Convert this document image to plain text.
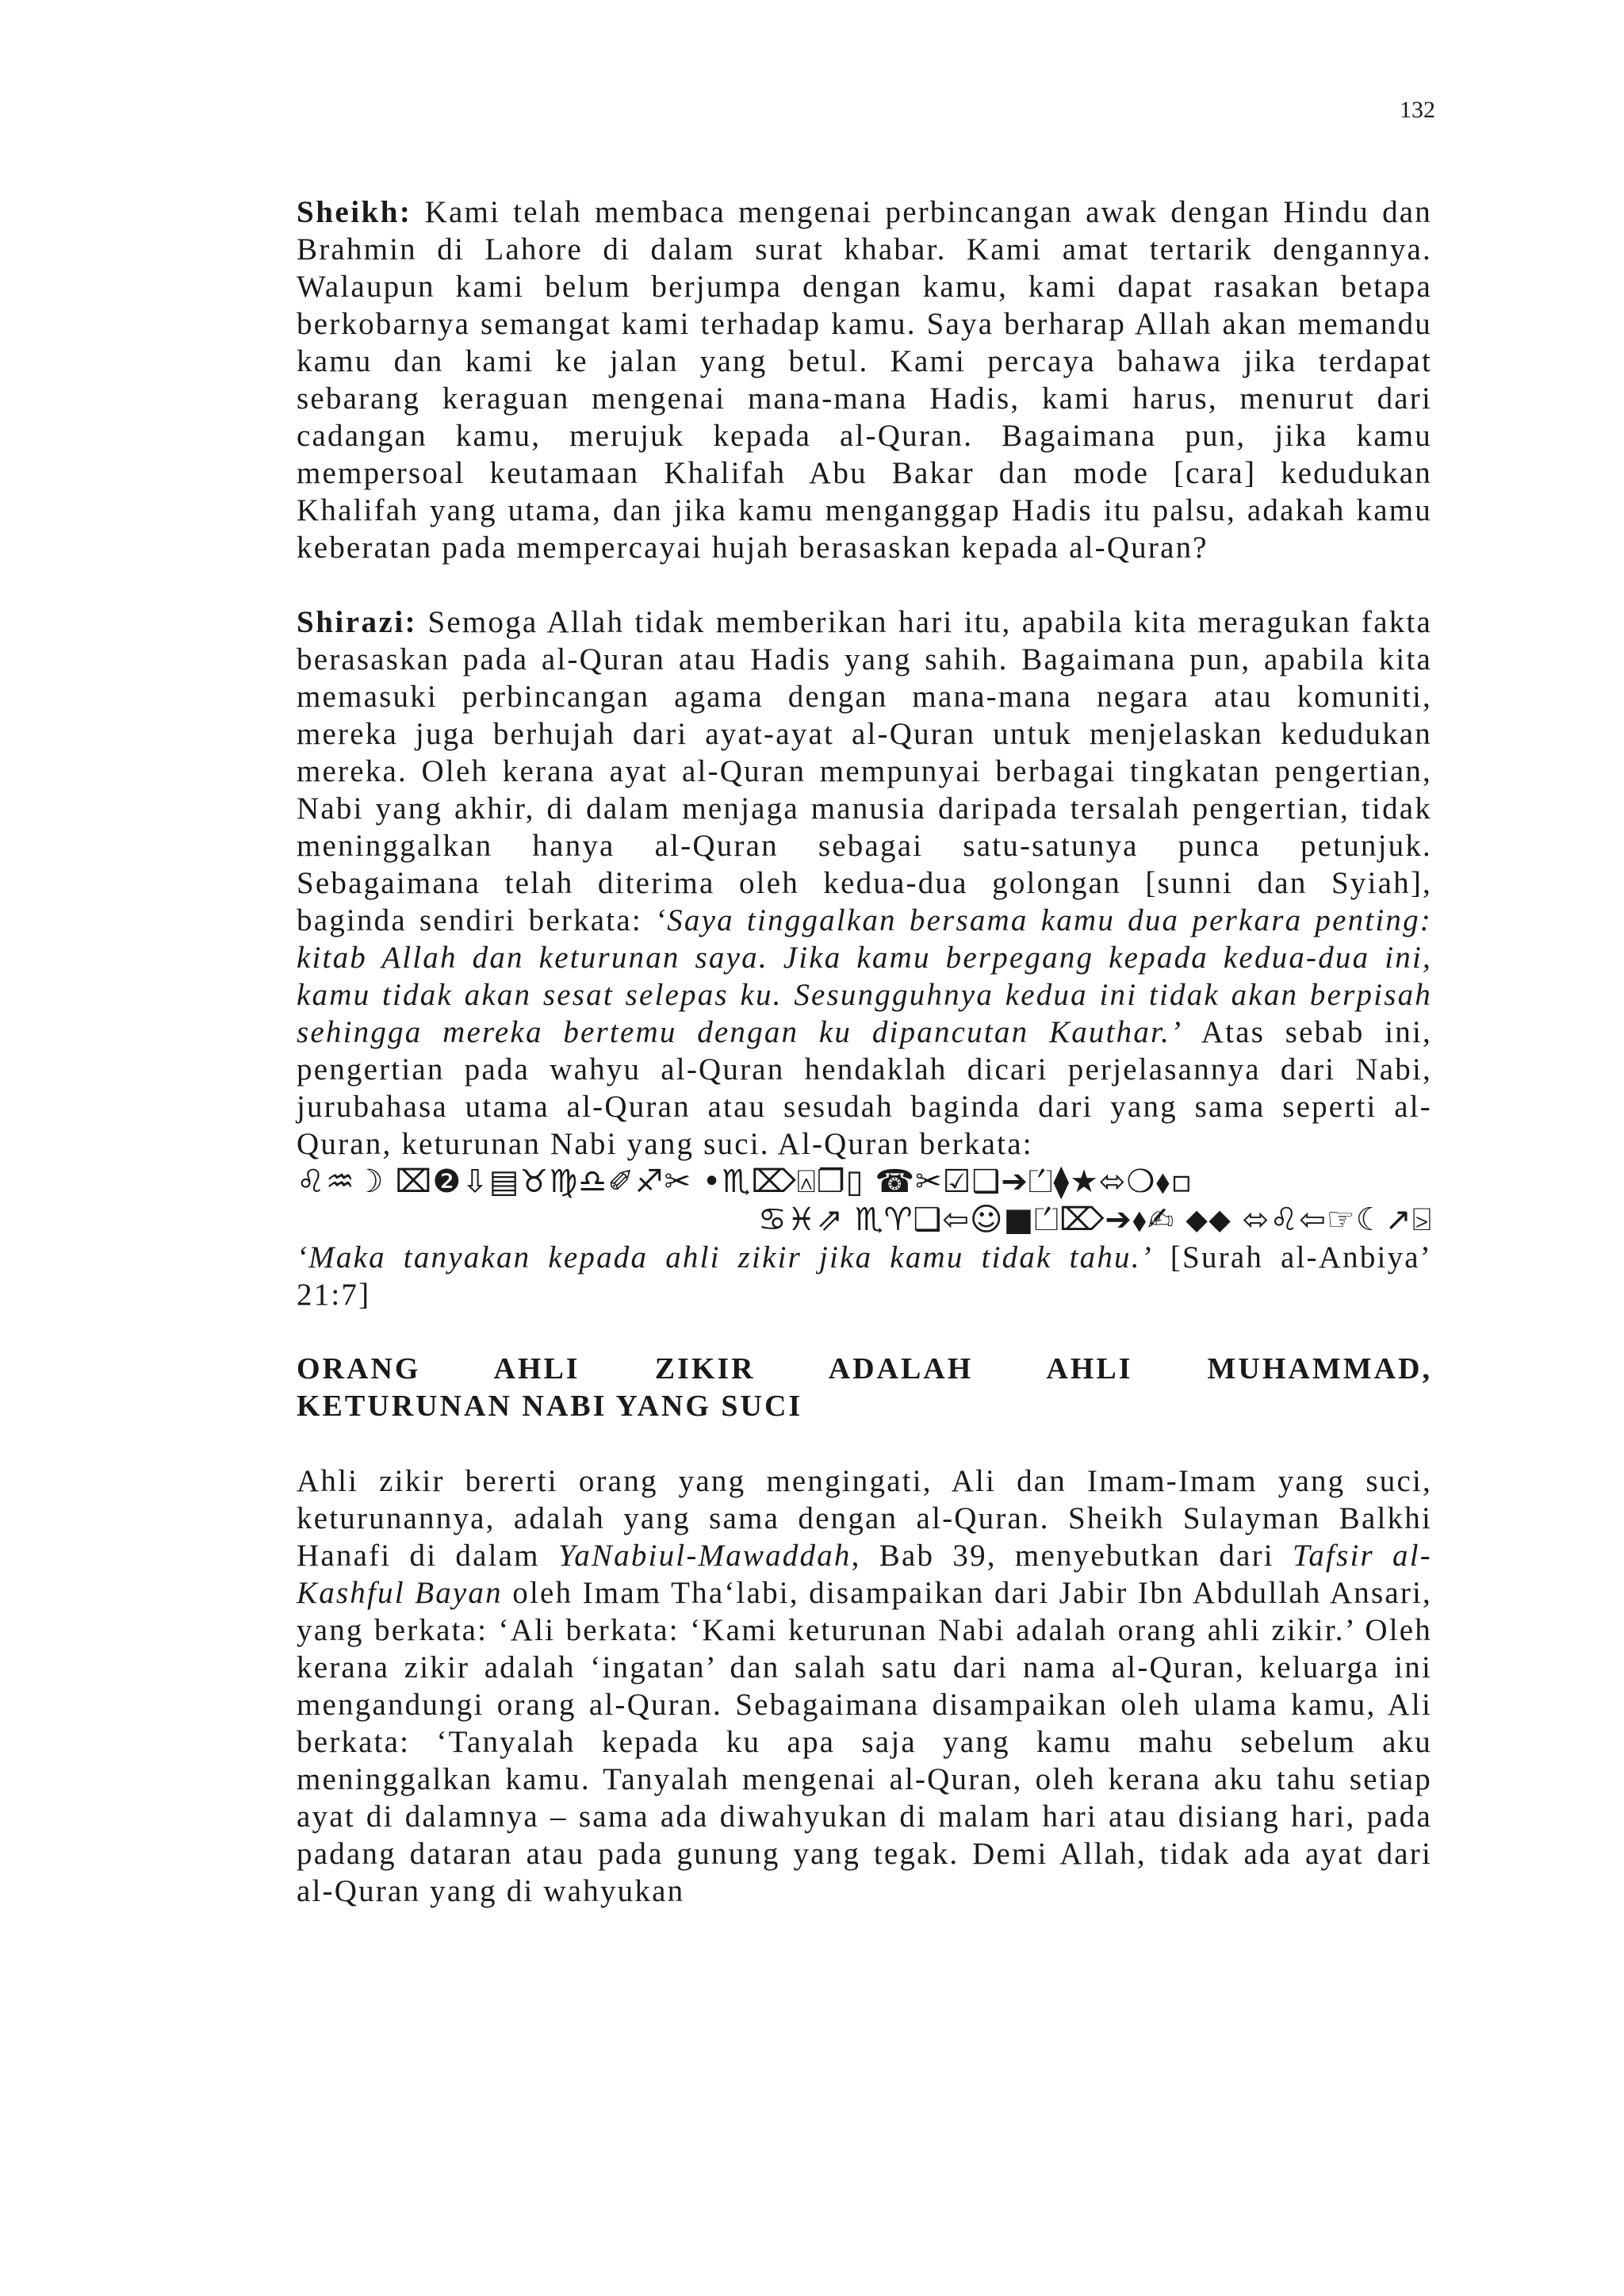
132

Sheikh: Kami telah membaca mengenai perbincangan awak dengan Hindu dan Brahmin di Lahore di dalam surat khabar. Kami amat tertarik dengannya. Walaupun kami belum berjumpa dengan kamu, kami dapat rasakan betapa berkobarnya semangat kami terhadap kamu. Saya berharap Allah akan memandu kamu dan kami ke jalan yang betul. Kami percaya bahawa jika terdapat sebarang keraguan mengenai mana-mana Hadis, kami harus, menurut dari cadangan kamu, merujuk kepada al-Quran. Bagaimana pun, jika kamu mempersoal keutamaan Khalifah Abu Bakar dan mode [cara] kedudukan Khalifah yang utama, dan jika kamu menganggap Hadis itu palsu, adakah kamu keberatan pada mempercayai hujah berasaskan kepada al-Quran?

Shirazi: Semoga Allah tidak memberikan hari itu, apabila kita meragukan fakta berasaskan pada al-Quran atau Hadis yang sahih. Bagaimana pun, apabila kita memasuki perbincangan agama dengan mana-mana negara atau komuniti, mereka juga berhujah dari ayat-ayat al-Quran untuk menjelaskan kedudukan mereka. Oleh kerana ayat al-Quran mempunyai berbagai tingkatan pengertian, Nabi yang akhir, di dalam menjaga manusia daripada tersalah pengertian, tidak meninggalkan hanya al-Quran sebagai satu-satunya punca petunjuk. Sebagaimana telah diterima oleh kedua-dua golongan [sunni dan Syiah], baginda sendiri berkata: ‘Saya tinggalkan bersama kamu dua perkara penting: kitab Allah dan keturunan saya. Jika kamu berpegang kepada kedua-dua ini, kamu tidak akan sesat selepas ku. Sesungguhnya kedua ini tidak akan berpisah sehingga mereka bertemu dengan ku dipancutan Kauthar.’ Atas sebab ini, pengertian pada wahyu al-Quran hendaklah dicari perjelasannya dari Nabi, jurubahasa utama al-Quran atau sesudah baginda dari yang sama seperti al-Quran, keturunan Nabi yang suci. Al-Quran berkata:

♌♒☽ ⌧❷⇩▤♉♍♎✐♐✂ •♏⌦⍓❐▯ ☎✂☑❑➔⏍⧫★⬄❍⬧▫
♋♓⇗ ♏♈❑⇦☺■⏍⌦➔⬧✍ ⬥⬥ ⬄♌⇦☞☾↗⍄

‘Maka tanyakan kepada ahli zikir jika kamu tidak tahu.’ [Surah al-Anbiya’ 21:7]

ORANG AHLI ZIKIR ADALAH AHLI MUHAMMAD,
KETURUNAN NABI YANG SUCI

Ahli zikir bererti orang yang mengingati, Ali dan Imam-Imam yang suci, keturunannya, adalah yang sama dengan al-Quran. Sheikh Sulayman Balkhi Hanafi di dalam YaNabiul-Mawaddah, Bab 39, menyebutkan dari Tafsir al-Kashful Bayan oleh Imam Tha‘labi, disampaikan dari Jabir Ibn Abdullah Ansari, yang berkata: ‘Ali berkata: ‘Kami keturunan Nabi adalah orang ahli zikir.’ Oleh kerana zikir adalah ‘ingatan’ dan salah satu dari nama al-Quran, keluarga ini mengandungi orang al-Quran. Sebagaimana disampaikan oleh ulama kamu, Ali berkata: ‘Tanyalah kepada ku apa saja yang kamu mahu sebelum aku meninggalkan kamu. Tanyalah mengenai al-Quran, oleh kerana aku tahu setiap ayat di dalamnya – sama ada diwahyukan di malam hari atau disiang hari, pada padang dataran atau pada gunung yang tegak. Demi Allah, tidak ada ayat dari al-Quran yang di wahyukan
